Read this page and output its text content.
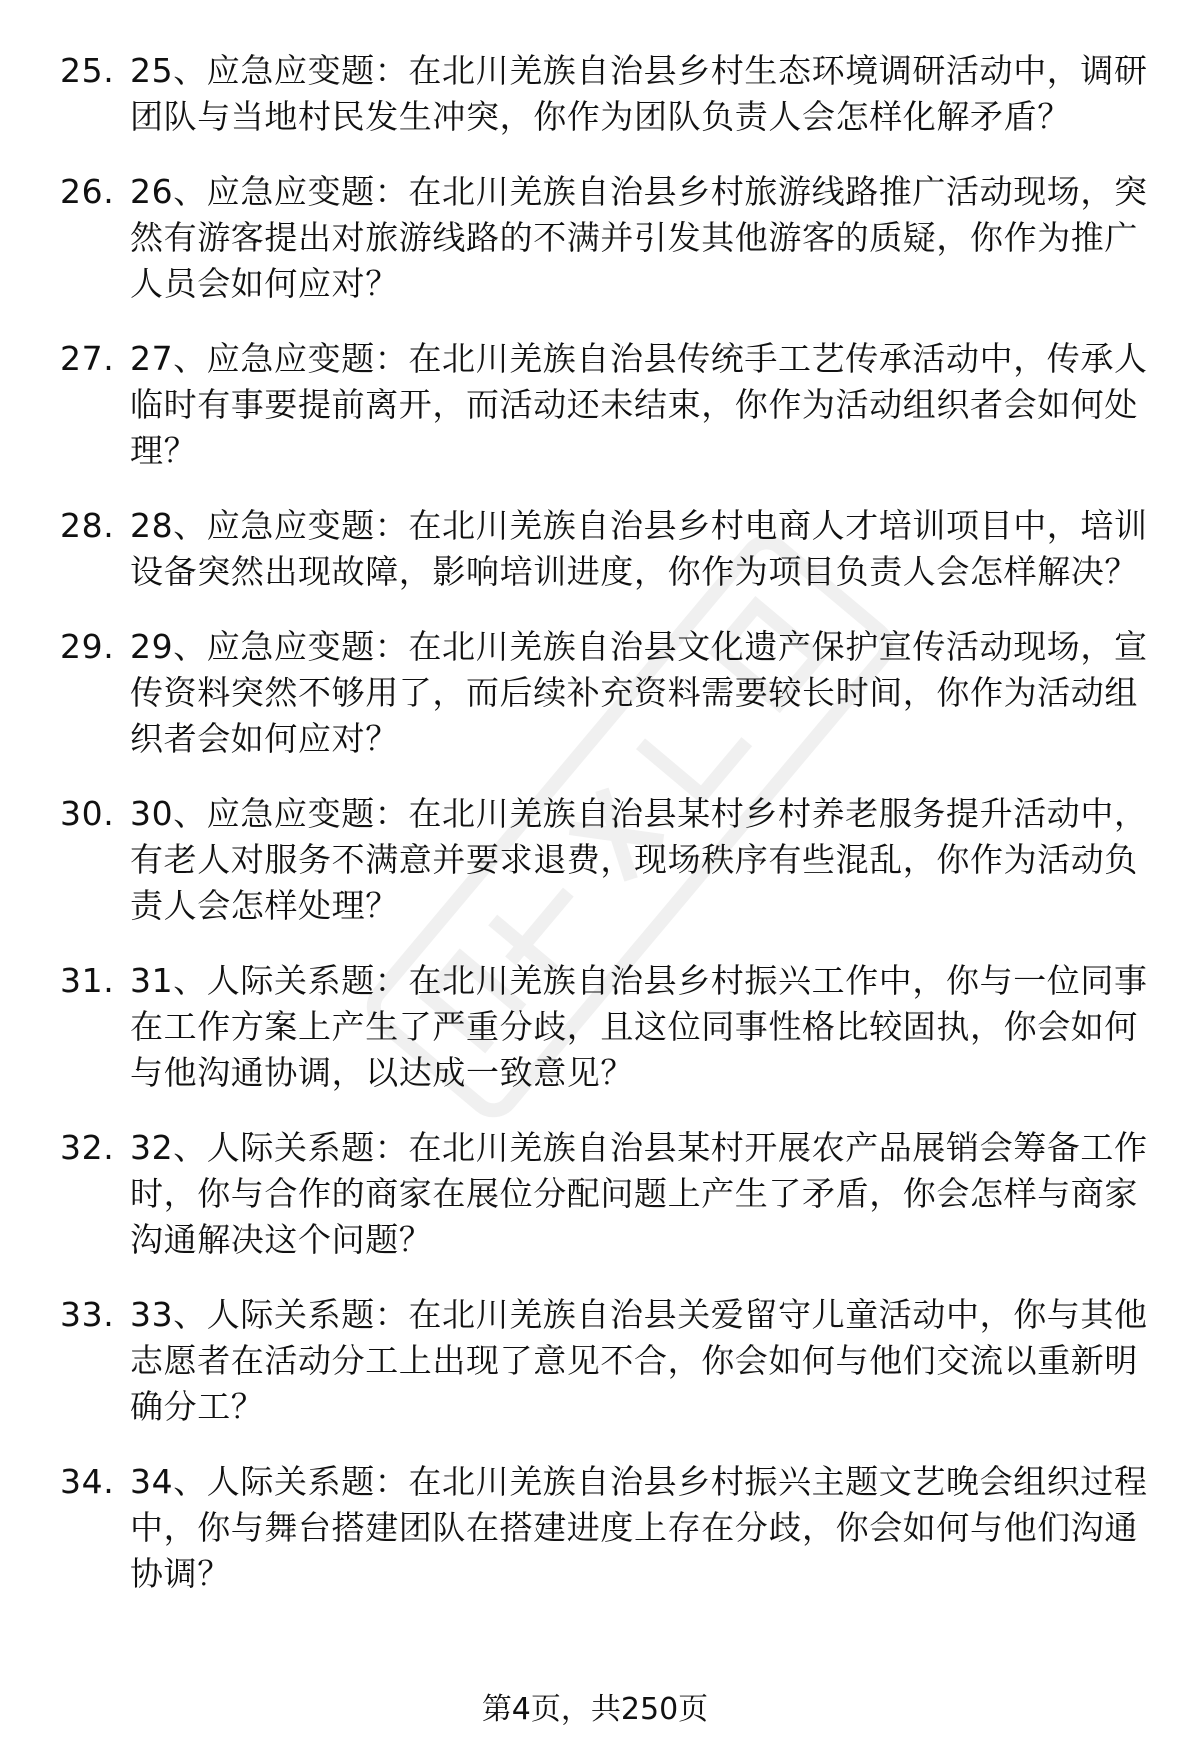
25. 25、应急应变题：在北川羌族自治县乡村生态环境调研活动中，调研团队与当地村民发生冲突，你作为团队负责人会怎样化解矛盾？
26. 26、应急应变题：在北川羌族自治县乡村旅游线路推广活动现场，突然有游客提出对旅游线路的不满并引发其他游客的质疑，你作为推广人员会如何应对？
27. 27、应急应变题：在北川羌族自治县传统手工艺传承活动中，传承人临时有事要提前离开，而活动还未结束，你作为活动组织者会如何处理？
28. 28、应急应变题：在北川羌族自治县乡村电商人才培训项目中，培训设备突然出现故障，影响培训进度，你作为项目负责人会怎样解决？
29. 29、应急应变题：在北川羌族自治县文化遗产保护宣传活动现场，宣传资料突然不够用了，而后续补充资料需要较长时间，你作为活动组织者会如何应对？
30. 30、应急应变题：在北川羌族自治县某村乡村养老服务提升活动中，有老人对服务不满意并要求退费，现场秩序有些混乱，你作为活动负责人会怎样处理？
31. 31、人际关系题：在北川羌族自治县乡村振兴工作中，你与一位同事在工作方案上产生了严重分歧，且这位同事性格比较固执，你会如何与他沟通协调，以达成一致意见？
32. 32、人际关系题：在北川羌族自治县某村开展农产品展销会筹备工作时，你与合作的商家在展位分配问题上产生了矛盾，你会怎样与商家沟通解决这个问题？
33. 33、人际关系题：在北川羌族自治县关爱留守儿童活动中，你与其他志愿者在活动分工上出现了意见不合，你会如何与他们交流以重新明确分工？
34. 34、人际关系题：在北川羌族自治县乡村振兴主题文艺晚会组织过程中，你与舞台搭建团队在搭建进度上存在分歧，你会如何与他们沟通协调？
第4页，共250页
